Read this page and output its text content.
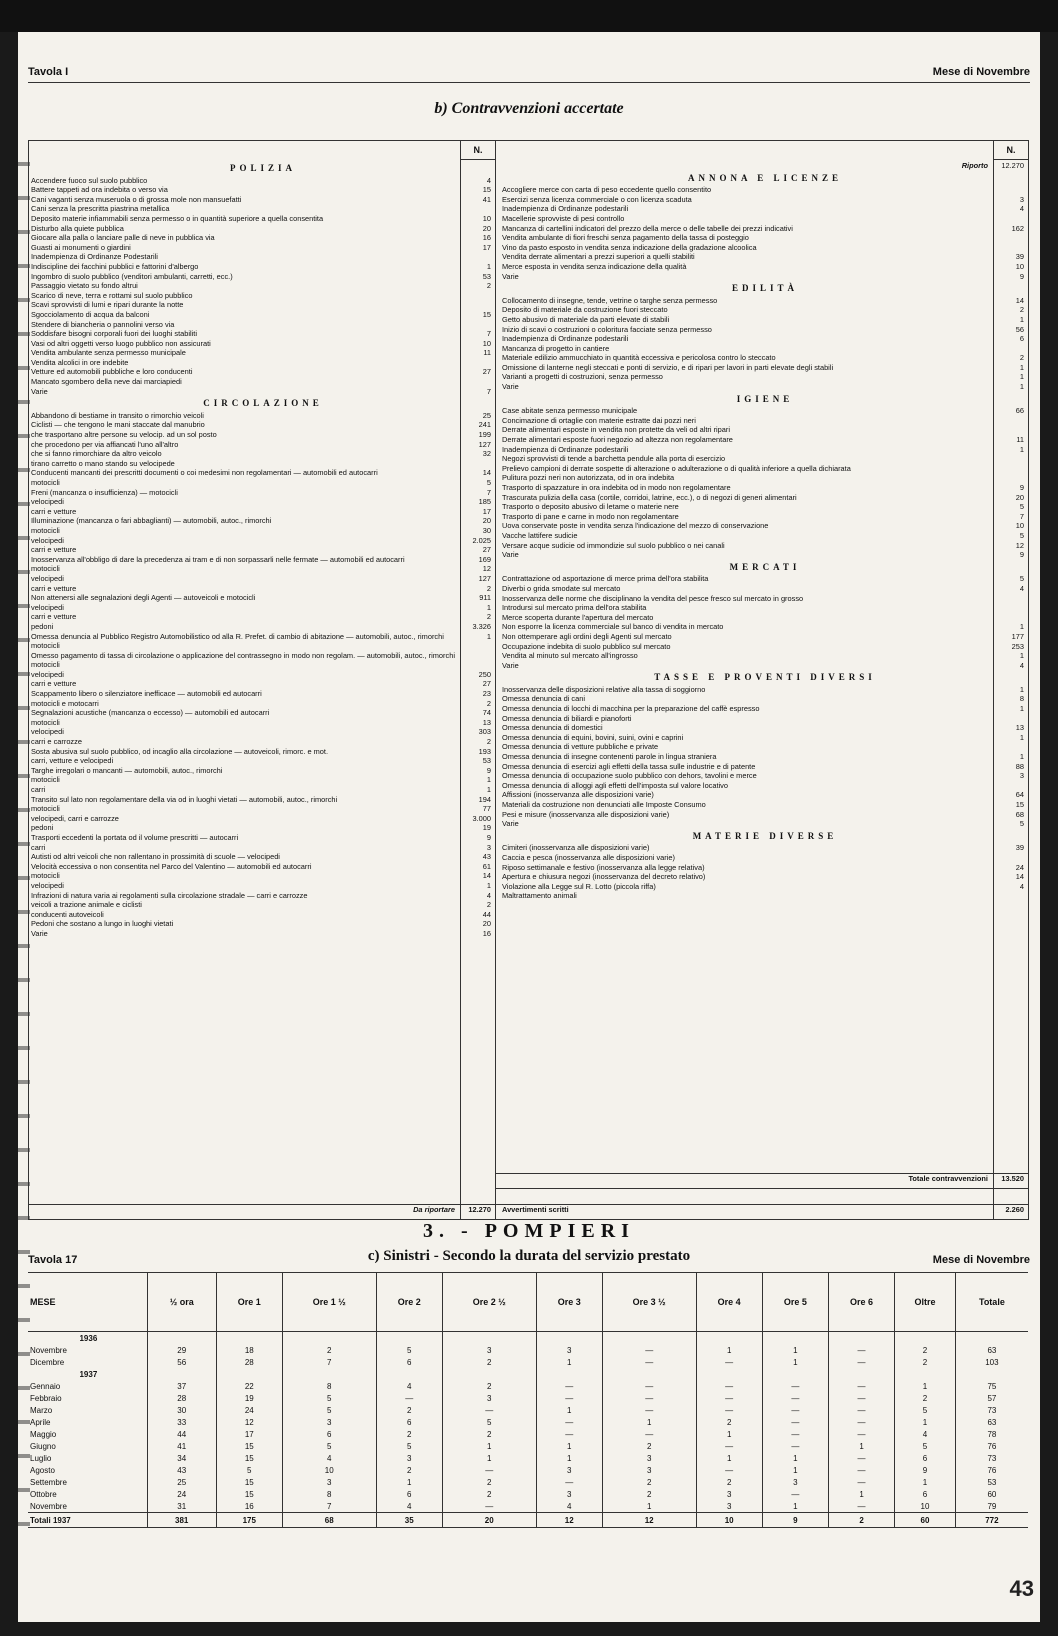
Tavola I	Mese di Novembre
b) Contravvenzioni accertate
N.
POLIZIA
Accendere fuoco sul suolo pubblico	4
Battere tappeti ad ora indebita o verso via	15
Cani vaganti senza museruola o di grossa mole non mansuefatti	41
Cani senza la prescritta piastrina metallica
Deposito materie infiammabili senza permesso o in quantità superiore a quella consentita	10
Disturbo alla quiete pubblica	20
Giocare alla palla o lanciare palle di neve in pubblica via	16
Guasti ai monumenti o giardini	17
Inadempienza di Ordinanze Podestarili
Indiscipline dei facchini pubblici e fattorini d'albergo	1
Ingombro di suolo pubblico (venditori ambulanti, carretti, ecc.)	53
Passaggio vietato su fondo altrui	2
Scarico di neve, terra e rottami sul suolo pubblico
Scavi sprovvisti di lumi e ripari durante la notte
Sgocciolamento di acqua da balconi	15
Stendere di biancheria o pannolini verso via
Soddisfare bisogni corporali fuori dei luoghi stabiliti	7
Vasi od altri oggetti verso luogo pubblico non assicurati	10
Vendita ambulante senza permesso municipale	11
Vendita alcolici in ore indebite
Vetture ed automobili pubbliche e loro conducenti	27
Mancato sgombero della neve dai marciapiedi
Varie	7
CIRCOLAZIONE
Abbandono di bestiame in transito o rimorchio veicoli	25
Ciclisti — che tengono le mani staccate dal manubrio	241
che trasportano altre persone su velocip. ad un sol posto	199
che procedono per via affiancati l'uno all'altro	127
che si fanno rimorchiare da altro veicolo	32
tirano carretto o mano stando su velocipede
Conducenti mancanti dei prescritti documenti o coi medesimi non regolamentari — automobili ed autocarri	14
motocicli	5
Freni (mancanza o insufficienza) — motocicli	7
velocipedi	185
carri e vetture	17
Illuminazione (mancanza o fari abbaglianti) — automobili, autoc., rimorchi	20
motocicli	30
velocipedi	2.025
carri e vetture	27
Inosservanza all'obbligo di dare la precedenza ai tram e di non sorpassarli nelle fermate — automobili ed autocarri	169
motocicli	12
velocipedi	127
carri e vetture	2
Non attenersi alle segnalazioni degli Agenti — autoveicoli e motocicli	911
velocipedi	1
carri e vetture	2
pedoni	3.326
Omessa denuncia al Pubblico Registro Automobilistico od alla R. Prefet. di cambio di abitazione — automobili, autoc., rimorchi	1
motocicli
Omesso pagamento di tassa di circolazione o applicazione del contrassegno in modo non regolam. — automobili, autoc., rimorchi
motocicli
velocipedi	250
carri e vetture	27
Scappamento libero o silenziatore inefficace — automobili ed autocarri	23
motocicli e motocarri	2
Segnalazioni acustiche (mancanza o eccesso) — automobili ed autocarri	74
motocicli	13
velocipedi	303
carri e carrozze	2
Sosta abusiva sul suolo pubblico, od incaglio alla circolazione — autoveicoli, rimorc. e mot.	193
carri, vetture e velocipedi	53
Targhe irregolari o mancanti — automobili, autoc., rimorchi	9
motocicli	1
carri	1
Transito sul lato non regolamentare della via od in luoghi vietati — automobili, autoc., rimorchi	194
motocicli	77
velocipedi, carri e carrozze	3.000
pedoni	19
Trasporti eccedenti la portata od il volume prescritti — autocarri	9
carri	3
Autisti od altri veicoli che non rallentano in prossimità di scuole — velocipedi	43
Velocità eccessiva o non consentita nel Parco del Valentino — automobili ed autocarri	61
motocicli	14
velocipedi	1
Infrazioni di natura varia ai regolamenti sulla circolazione stradale — carri e carrozze	4
veicoli a trazione animale e ciclisti	2
conducenti autoveicoli	44
Pedoni che sostano a lungo in luoghi vietati	20
Varie	16
Da riportare	12.270
N.
Riporto	12.270
ANNONA E LICENZE
Accogliere merce con carta di peso eccedente quello consentito
Esercizi senza licenza commerciale o con licenza scaduta	3
Inadempienza di Ordinanze podestarili	4
Macellerie sprovviste di pesi controllo
Mancanza di cartellini indicatori del prezzo della merce o delle tabelle dei prezzi indicativi	162
Vendita ambulante di fiori freschi senza pagamento della tassa di posteggio
Vino da pasto esposto in vendita senza indicazione della gradazione alcoolica
Vendita derrate alimentari a prezzi superiori a quelli stabiliti	39
Merce esposta in vendita senza indicazione della qualità	10
Varie	9
EDILITÀ
Collocamento di insegne, tende, vetrine o targhe senza permesso	14
Deposito di materiale da costruzione fuori steccato	2
Getto abusivo di materiale da parti elevate di stabili	1
Inizio di scavi o costruzioni o coloritura facciate senza permesso	56
Inadempienza di Ordinanze podestarili	6
Mancanza di progetto in cantiere
Materiale edilizio ammucchiato in quantità eccessiva e pericolosa contro lo steccato	2
Omissione di lanterne negli steccati e ponti di servizio, e di ripari per lavori in parti elevate degli stabili	1
Varianti a progetti di costruzioni, senza permesso	1
Varie	1
IGIENE
Case abitate senza permesso municipale	66
Concimazione di ortaglie con materie estratte dai pozzi neri
Derrate alimentari esposte in vendita non protette da veli od altri ripari
Derrate alimentari esposte fuori negozio ad altezza non regolamentare	11
Inadempienza di Ordinanze podestarili	1
Negozi sprovvisti di tende a barchetta pendule alla porta di esercizio
Prelievo campioni di derrate sospette di alterazione o adulterazione o di qualità inferiore a quella dichiarata
Pulitura pozzi neri non autorizzata, od in ora indebita
Trasporto di spazzature in ora indebita od in modo non regolamentare	9
Trascurata pulizia della casa (cortile, corridoi, latrine, ecc.), o di negozi di generi alimentari	20
Trasporto o deposito abusivo di letame o materie nere	5
Trasporto di pane e carne in modo non regolamentare	7
Uova conservate poste in vendita senza l'indicazione del mezzo di conservazione	10
Vacche lattifere sudicie	5
Versare acque sudicie od immondizie sul suolo pubblico o nei canali	12
Varie	9
MERCATI
Contrattazione od asportazione di merce prima dell'ora stabilita	5
Diverbi o grida smodate sul mercato	4
Inosservanza delle norme che disciplinano la vendita del pesce fresco sul mercato in grosso
Introdursi sul mercato prima dell'ora stabilita
Merce scoperta durante l'apertura del mercato
Non esporre la licenza commerciale sul banco di vendita in mercato	1
Non ottemperare agli ordini degli Agenti sul mercato	177
Occupazione indebita di suolo pubblico sul mercato	253
Vendita al minuto sul mercato all'ingrosso	1
Varie	4
TASSE E PROVENTI DIVERSI
Inosservanza delle disposizioni relative alla tassa di soggiorno	1
Omessa denuncia di cani	8
Omessa denuncia di locchi di macchina per la preparazione del caffè espresso	1
Omessa denuncia di biliardi e pianoforti
Omessa denuncia di domestici	13
Omessa denuncia di equini, bovini, suini, ovini e caprini	1
Omessa denuncia di vetture pubbliche e private
Omessa denuncia di insegne contenenti parole in lingua straniera	1
Omessa denuncia di esercizi agli effetti della tassa sulle industrie e di patente	88
Omessa denuncia di occupazione suolo pubblico con dehors, tavolini e merce	3
Omessa denuncia di alloggi agli effetti dell'imposta sul valore locativo
Affissioni (inosservanza alle disposizioni varie)	64
Materiali da costruzione non denunciati alle Imposte Consumo	15
Pesi e misure (inosservanza alle disposizioni varie)	68
Varie	5
MATERIE DIVERSE
Cimiteri (inosservanza alle disposizioni varie)	39
Caccia e pesca (inosservanza alle disposizioni varie)
Riposo settimanale e festivo (inosservanza alla legge relativa)	24
Apertura e chiusura negozi (inosservanza del decreto relativo)	14
Violazione alla Legge sul R. Lotto (piccola riffa)	4
Maltrattamento animali
Totale contravvenzioni	13.520
Avvertimenti scritti	2.260
3. - POMPIERI
Tavola 17	Mese di Novembre
c) Sinistri - Secondo la durata del servizio prestato
MESE	½ ora	Ore 1	Ore 1 ½	Ore 2	Ore 2 ½	Ore 3	Ore 3 ½	Ore 4	Ore 5	Ore 6	Oltre	Totale
1936												
Novembre	29	18	2	5	3	3	—	1	1	—	2	63
Dicembre	56	28	7	6	2	1	—	—	1	—	2	103
1937												
Gennaio	37	22	8	4	2	—	—	—	—	—	1	75
Febbraio	28	19	5	—	3	—	—	—	—	—	2	57
Marzo	30	24	5	2	—	1	—	—	—	—	5	73
Aprile	33	12	3	6	5	—	1	2	—	—	1	63
Maggio	44	17	6	2	2	—	—	1	—	—	4	78
Giugno	41	15	5	5	1	1	2	—	—	1	5	76
Luglio	34	15	4	3	1	1	3	1	1	—	6	73
Agosto	43	5	10	2	—	3	3	—	1	—	9	76
Settembre	25	15	3	1	2	—	2	2	3	—	1	53
Ottobre	24	15	8	6	2	3	2	3	—	1	6	60
Novembre	31	16	7	4	—	4	1	3	1	—	10	79
Totali 1937	381	175	68	35	20	12	12	10	9	2	60	772
43
